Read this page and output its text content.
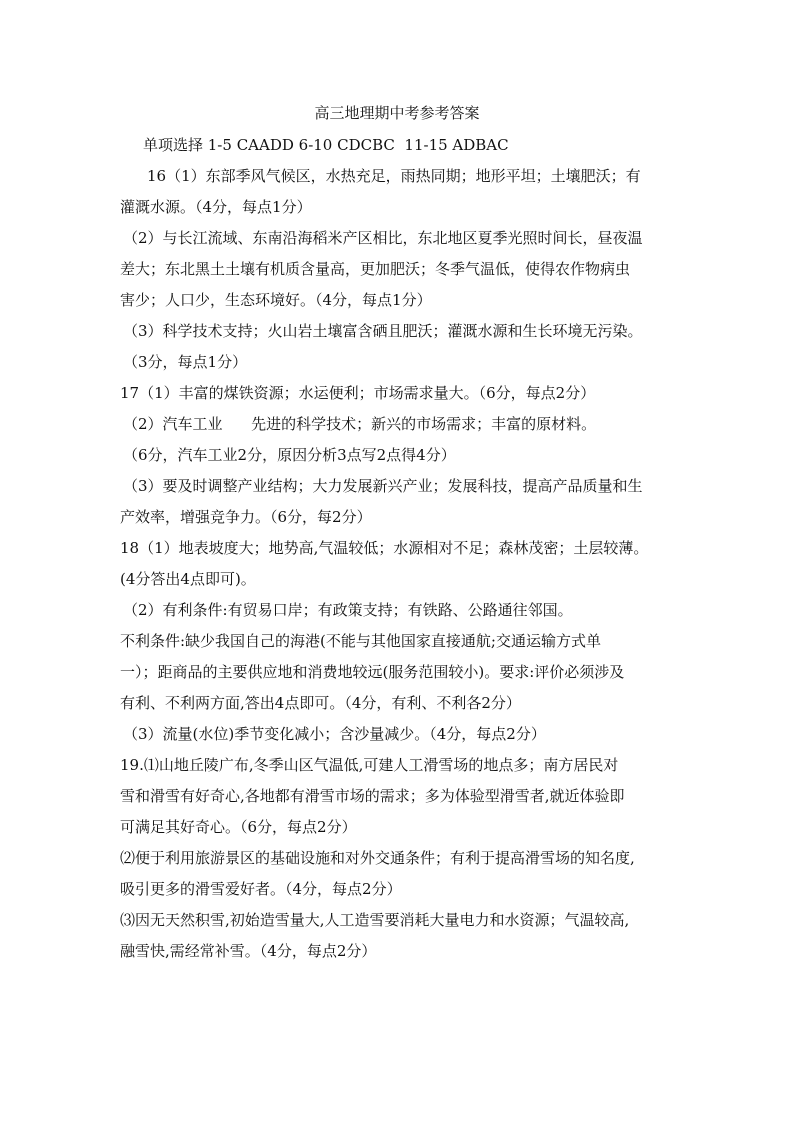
高三地理期中考参考答案
单项选择 1-5 CAADD 6-10 CDCBC  11-15 ADBAC
16（1）东部季风气候区，水热充足，雨热同期；地形平坦；土壤肥沃；有
灌溉水源。（4分，每点1分）
（2）与长江流域、东南沿海稻米产区相比，东北地区夏季光照时间长，昼夜温
差大；东北黑土土壤有机质含量高，更加肥沃；冬季气温低，使得农作物病虫
害少；人口少，生态环境好。（4分，每点1分）
（3）科学技术支持；火山岩土壤富含硒且肥沃；灌溉水源和生长环境无污染。
（3分，每点1分）
17（1）丰富的煤铁资源；水运便利；市场需求量大。（6分，每点2分）
（2）汽车工业      先进的科学技术；新兴的市场需求；丰富的原材料。
（6分，汽车工业2分，原因分析3点写2点得4分）
（3）要及时调整产业结构；大力发展新兴产业；发展科技，提高产品质量和生
产效率，增强竞争力。（6分，每2分）
18（1）地表坡度大；地势高,气温较低；水源相对不足；森林茂密；土层较薄。
(4分答出4点即可)。
（2）有利条件:有贸易口岸；有政策支持；有铁路、公路通往邻国。
不利条件:缺少我国自己的海港(不能与其他国家直接通航;交通运输方式单
一）；距商品的主要供应地和消费地较远(服务范围较小)。要求:评价必须涉及
有利、不利两方面,答出4点即可。（4分，有利、不利各2分）
（3）流量(水位)季节变化减小；含沙量减少。（4分，每点2分）
19.⑴山地丘陵广布,冬季山区气温低,可建人工滑雪场的地点多；南方居民对
雪和滑雪有好奇心,各地都有滑雪市场的需求；多为体验型滑雪者,就近体验即
可满足其好奇心。（6分，每点2分）
⑵便于利用旅游景区的基础设施和对外交通条件；有利于提高滑雪场的知名度,
吸引更多的滑雪爱好者。（4分，每点2分）
⑶因无天然积雪,初始造雪量大,人工造雪要消耗大量电力和水资源；气温较高,
融雪快,需经常补雪。（4分，每点2分）
